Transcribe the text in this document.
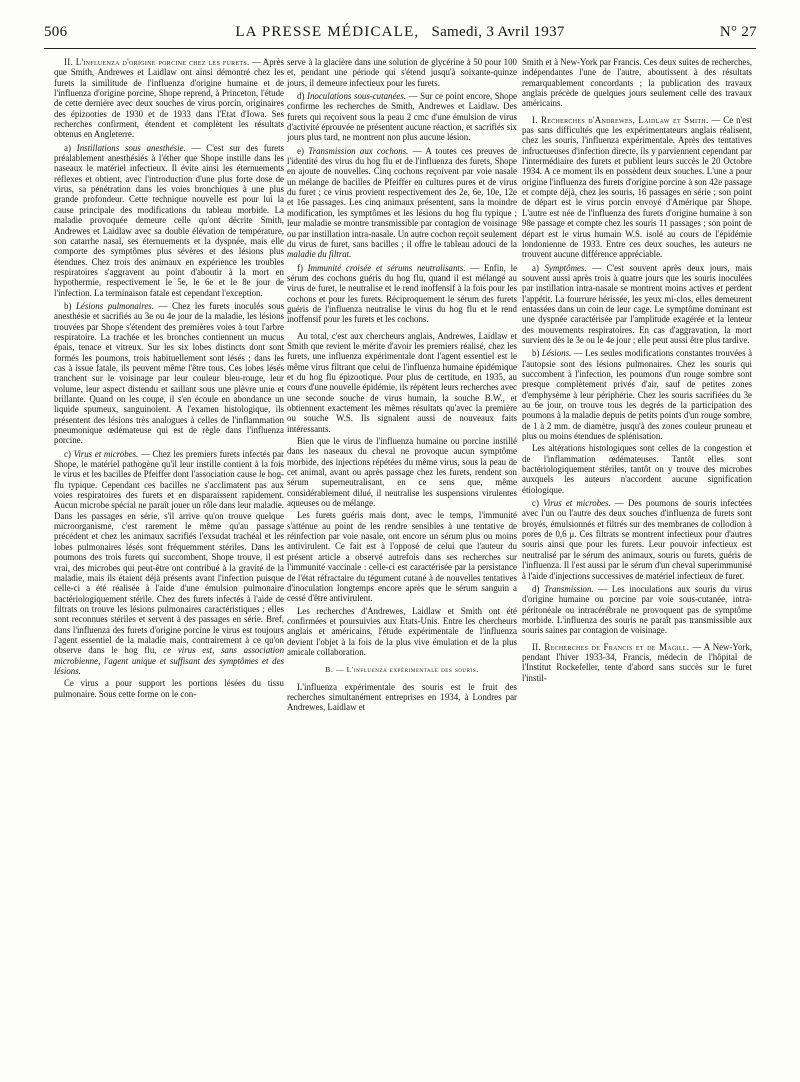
506	LA PRESSE MÉDICALE, Samedi, 3 Avril 1937	N° 27

II. L'influenza d'origine porcine chez les furets. — Après que Smith, Andrewes et Laidlaw ont ainsi démontré chez les furets la similitude de l'influenza d'origine humaine et de l'influenza d'origine porcine, Shope reprend, à Princeton, l'étude de cette dernière avec deux souches de virus porcin, originaires des épizooties de 1930 et de 1933 dans l'Etat d'Iowa. Ses recherches confirment, étendent et complètent les résultats obtenus en Angleterre.

a) Instillations sous anesthésie. — C'est sur des furets préalablement anesthésiés à l'éther que Shope instille dans les naseaux le matériel infectieux. Il évite ainsi les éternuements réflexes et obtient, avec l'introduction d'une plus forte dose de virus, sa pénétration dans les voies bronchiques à une plus grande profondeur. Cette technique nouvelle est pour lui la cause principale des modifications du tableau morbide. La maladie provoquée demeure celle qu'ont décrite Smith, Andrewes et Laidlaw avec sa double élévation de température, son catarrhe nasal, ses éternuements et la dyspnée, mais elle comporte des symptômes plus sévères et des lésions plus étendues. Chez trois des animaux en expérience les troubles respiratoires s'aggravent au point d'aboutir à la mort en hypothermie, respectivement le 5e, le 6e et le 8e jour de l'infection. La terminaison fatale est cependant l'exception.

b) Lésions pulmonaires. — Chez les furets inoculés sous anesthésie et sacrifiés au 3e ou 4e jour de la maladie, les lésions trouvées par Shope s'étendent des premières voies à tout l'arbre respiratoire. La trachée et les bronches contiennent un mucus épais, tenace et vitreux. Sur les six lobes distincts dont sont formés les poumons, trois habituellement sont lésés ; dans les cas à issue fatale, ils peuvent même l'être tous. Ces lobes lésés tranchent sur le voisinage par leur couleur bleu-rouge, leur volume, leur aspect distendu et saillant sous une plèvre unie et brillante. Quand on les coupe, il s'en écoule en abondance un liquide spumeux, sanguinolent. A l'examen histologique, ils présentent des lésions très analogues à celles de l'inflammation pneumonique œdémateuse qui est de règle dans l'influenza porcine.

c) Virus et microbes. — Chez les premiers furets infectés par Shope, le matériel pathogène qu'il leur instille contient à la fois le virus et les bacilles de Pfeiffer dont l'association cause le hog-flu typique. Cependant ces bacilles ne s'acclimatent pas aux voies respiratoires des furets et en disparaissent rapidement. Aucun microbe spécial ne paraît jouer un rôle dans leur maladie. Dans les passages en série, s'il arrive qu'on trouve quelque microorganisme, c'est rarement le même qu'au passage précédent et chez les animaux sacrifiés l'exsudat trachéal et les lobes pulmonaires lésés sont fréquemment stériles. Dans les poumons des trois furets qui succombent, Shope trouve, il est vrai, des microbes qui peut-être ont contribué à la gravité de la maladie, mais ils étaient déjà présents avant l'infection puisque celle-ci a été réalisée à l'aide d'une émulsion pulmonaire bactériologiquement stérile. Chez des furets infectés à l'aide de filtrats on trouve les lésions pulmonaires caractéristiques ; elles sont reconnues stériles et servent à des passages en série. Bref, dans l'influenza des furets d'origine porcine le virus est toujours l'agent essentiel de la maladie mais, contrairement à ce qu'on observe dans le hog flu, ce virus est, sans association microbienne, l'agent unique et suffisant des symptômes et des lésions.

Ce virus a pour support les portions lésées du tissu pulmonaire. Sous cette forme on le con-

serve à la glacière dans une solution de glycérine à 50 pour 100 et, pendant une période qui s'étend jusqu'à soixante-quinze jours, il demeure infectieux pour les furets.

d) Inoculations sous-cutanées. — Sur ce point encore, Shope confirme les recherches de Smith, Andrewes et Laidlaw. Des furets qui reçoivent sous la peau 2 cmc d'une émulsion de virus d'activité éprouvée ne présentent aucune réaction, et sacrifiés six jours plus tard, ne montrent non plus aucune lésion.

e) Transmission aux cochons. — A toutes ces preuves de l'identité des virus du hog flu et de l'influenza des furets, Shope en ajoute de nouvelles. Cinq cochons reçoivent par voie nasale un mélange de bacilles de Pfeiffer en cultures pures et de virus du furet ; ce virus provient respectivement des 2e, 6e, 10e, 12e et 16e passages. Les cinq animaux présentent, sans la moindre modification, les symptômes et les lésions du hog flu typique ; leur maladie se montre transmissible par contagion de voisinage ou par instillation intra-nasale. Un autre cochon reçoit seulement du virus de furet, sans bacilles ; il offre le tableau adouci de la maladie du filtrat.

f) Immunité croisée et sérums neutralisants. — Enfin, le sérum des cochons guéris du hog flu, quand il est mélangé au virus de furet, le neutralise et le rend inoffensif à la fois pour les cochons et pour les furets. Réciproquement le sérum des furets guéris de l'influenza neutralise le virus du hog flu et le rend inoffensif pour les furets et les cochons.

Au total, c'est aux chercheurs anglais, Andrewes, Laidlaw et Smith que revient le mérite d'avoir les premiers réalisé, chez les furets, une influenza expérimentale dont l'agent essentiel est le même virus filtrant que celui de l'influenza humaine épidémique et du hog flu épizootique. Pour plus de certitude, en 1935, au cours d'une nouvelle épidémie, ils répètent leurs recherches avec une seconde souche de virus humain, la souche B.W., et obtiennent exactement les mêmes résultats qu'avec la première ou souche W.S. Ils signalent aussi de nouveaux faits intéressants.

Bien que le virus de l'influenza humaine ou porcine instillé dans les naseaux du cheval ne provoque aucun symptôme morbide, des injections répétées du même virus, sous la peau de cet animal, avant ou après passage chez les furets, rendent son sérum superneutralisant, en ce sens que, même considérablement dilué, il neutralise les suspensions virulentes aqueuses ou de mélange.

Les furets guéris mais dont, avec le temps, l'immunité s'atténue au point de les rendre sensibles à une tentative de réinfection par voie nasale, ont encore un sérum plus ou moins antivirulent. Ce fait est à l'opposé de celui que l'auteur du présent article a observé autrefois dans ses recherches sur l'immunité vaccinale : celle-ci est caractérisée par la persistance de l'état réfractaire du tégument cutané à de nouvelles tentatives d'inoculation longtemps encore après que le sérum sanguin a cessé d'être antivirulent.

Les recherches d'Andrewes, Laidlaw et Smith ont été confirmées et poursuivies aux Etats-Unis. Entre les chercheurs anglais et américains, l'étude expérimentale de l'influenza devient l'objet à la fois de la plus vive émulation et de la plus amicale collaboration.

B. — L'influenza expérimentale des souris.

L'influenza expérimentale des souris est le fruit des recherches simultanément entreprises en 1934, à Londres par Andrewes, Laidlaw et

Smith et à New-York par Francis. Ces deux suites de recherches, indépendantes l'une de l'autre, aboutissent à des résultats remarquablement concordants ; la publication des travaux anglais précède de quelques jours seulement celle des travaux américains.

I. Recherches d'Andrewes, Laidlaw et Smith. — Ce n'est pas sans difficultés que les expérimentateurs anglais réalisent, chez les souris, l'influenza expérimentale. Après des tentatives infructueuses d'infection directe, ils y parviennent cependant par l'intermédiaire des furets et publient leurs succès le 20 Octobre 1934. A ce moment ils en possèdent deux souches. L'une a pour origine l'influenza des furets d'origine porcine à son 42e passage et compte déjà, chez les souris, 16 passages en série ; son point de départ est le virus porcin envoyé d'Amérique par Shope. L'autre est née de l'influenza des furets d'origine humaine à son 98e passage et compte chez les souris 11 passages ; son point de départ est le virus humain W.S. isolé au cours de l'épidémie londonienne de 1933. Entre ces deux souches, les auteurs ne trouvent aucune différence appréciable.

a) Symptômes. — C'est souvent après deux jours, mais souvent aussi après trois à quatre jours que les souris inoculées par instillation intra-nasale se montrent moins actives et perdent l'appétit. La fourrure hérissée, les yeux mi-clos, elles demeurent entassées dans un coin de leur cage. Le symptôme dominant est une dyspnée caractérisée par l'amplitude exagérée et la lenteur des mouvements respiratoires. En cas d'aggravation, la mort survient dès le 3e ou le 4e jour ; elle peut aussi être plus tardive.

b) Lésions. — Les seules modifications constantes trouvées à l'autopsie sont des lésions pulmonaires. Chez les souris qui succombent à l'infection, les poumons d'un rouge sombre sont presque complètement privés d'air, sauf de petites zones d'emphysème à leur périphérie. Chez les souris sacrifiées du 3e au 6e jour, on trouve tous les degrés de la participation des poumons à la maladie depuis de petits points d'un rouge sombre, de 1 à 2 mm. de diamètre, jusqu'à des zones couleur pruneau et plus ou moins étendues de splénisation.

Les altérations histologiques sont celles de la congestion et de l'inflammation œdémateuses. Tantôt elles sont bactériologiquement stériles, tantôt on y trouve des microbes auxquels les auteurs n'accordent aucune signification étiologique.

c) Virus et microbes. — Des poumons de souris infectées avec l'un ou l'autre des deux souches d'influenza de furets sont broyés, émulsionnés et filtrés sur des membranes de collodion à pores de 0,6 μ. Ces filtrats se montrent infectieux pour d'autres souris ainsi que pour les furets. Leur pouvoir infectieux est neutralisé par le sérum des animaux, souris ou furets, guéris de l'influenza. Il l'est aussi par le sérum d'un cheval superimmunisé à l'aide d'injections successives de matériel infectieux de furet.

d) Transmission. — Les inoculations aux souris du virus d'origine humaine ou porcine par voie sous-cutanée, intra-péritonéale ou intracérébrale ne provoquent pas de symptôme morbide. L'influenza des souris ne paraît pas transmissible aux souris saines par contagion de voisinage.

II. Recherches de Francis et de Magill. — A New-York, pendant l'hiver 1933-34, Francis, médecin de l'hôpital de l'Institut Rockefeller, tente d'abord sans succès sur le furet l'instil-
